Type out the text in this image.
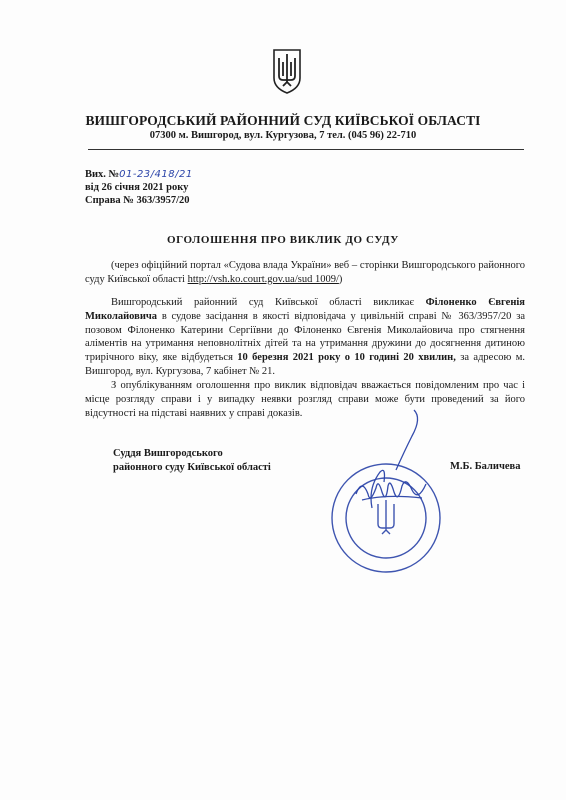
ВИШГОРОДСЬКИЙ РАЙОННИЙ СУД КИЇВСЬКОЇ ОБЛАСТІ
07300 м. Вишгород, вул. Кургузова, 7 тел. (045 96) 22-710
Вих. №01-23/418/21
від 26 січня 2021 року
Справа № 363/3957/20
ОГОЛОШЕННЯ ПРО ВИКЛИК ДО СУДУ
(через офіційний портал «Судова влада України» веб – сторінки Вишгородського районного суду Київської області http://vsh.ko.court.gov.ua/sud 1009/)
Вишгородський районний суд Київської області викликає Філоненко Євгенія Миколайовича в судове засідання в якості відповідача у цивільній справі № 363/3957/20 за позовом Філоненко Катерини Сергіївни до Філоненко Євгенія Миколайовича про стягнення аліментів на утримання неповнолітніх дітей та на утримання дружини до досягнення дитиною трирічного віку, яке відбудеться 10 березня 2021 року о 10 годині 20 хвилин, за адресою м. Вишгород, вул. Кургузова, 7 кабінет № 21.
З опублікуванням оголошення про виклик відповідач вважається повідомленим про час і місце розгляду справи і у випадку неявки розгляд справи може бути проведений за його відсутності на підставі наявних у справі доказів.
Суддя Вишгородського
районного суду Київської області	М.Б. Баличева
